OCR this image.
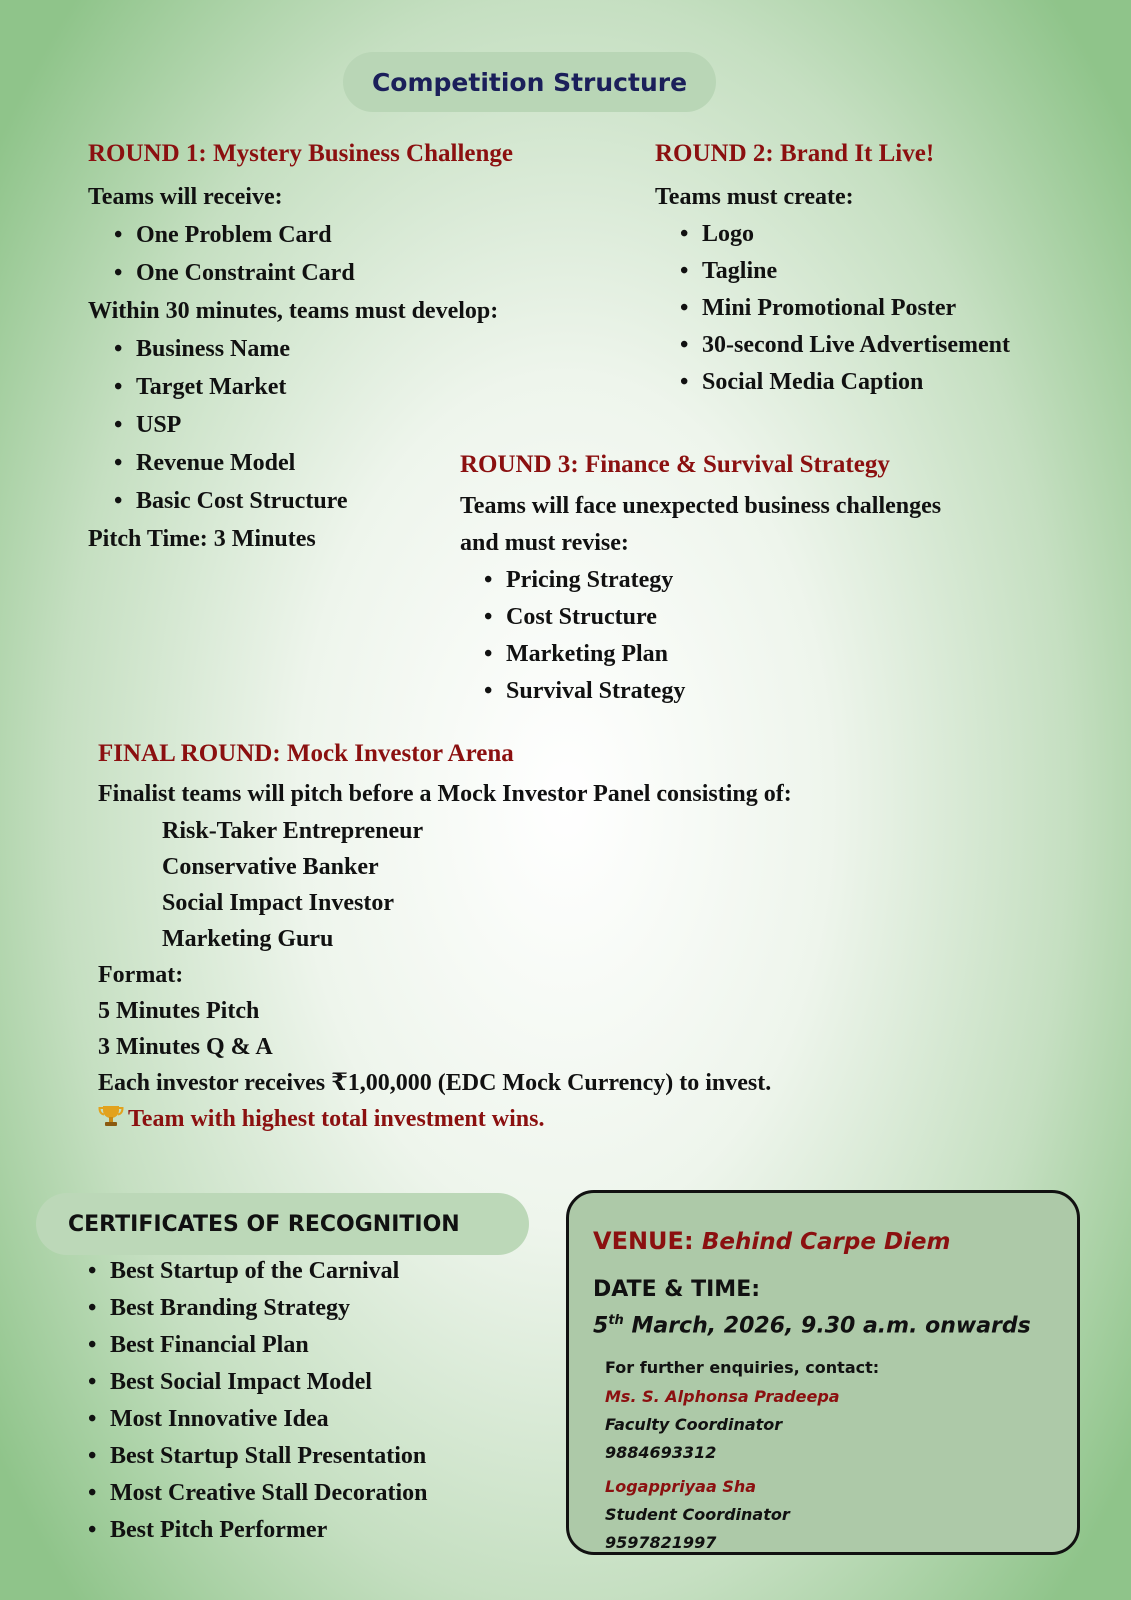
Competition Structure
ROUND 1: Mystery Business Challenge
Teams will receive:
• One Problem Card
• One Constraint Card
Within 30 minutes, teams must develop:
• Business Name
• Target Market
• USP
• Revenue Model
• Basic Cost Structure
Pitch Time: 3 Minutes
ROUND 2: Brand It Live!
Teams must create:
• Logo
• Tagline
• Mini Promotional Poster
• 30-second Live Advertisement
• Social Media Caption
ROUND 3: Finance & Survival Strategy
Teams will face unexpected business challenges
and must revise:
• Pricing Strategy
• Cost Structure
• Marketing Plan
• Survival Strategy
FINAL ROUND: Mock Investor Arena
Finalist teams will pitch before a Mock Investor Panel consisting of:
Risk-Taker Entrepreneur
Conservative Banker
Social Impact Investor
Marketing Guru
Format:
5 Minutes Pitch
3 Minutes Q & A
Each investor receives ₹1,00,000 (EDC Mock Currency) to invest.
Team with highest total investment wins.
CERTIFICATES OF RECOGNITION
• Best Startup of the Carnival
• Best Branding Strategy
• Best Financial Plan
• Best Social Impact Model
• Most Innovative Idea
• Best Startup Stall Presentation
• Most Creative Stall Decoration
• Best Pitch Performer
VENUE: Behind Carpe Diem
DATE & TIME:
5th March, 2026, 9.30 a.m. onwards
For further enquiries, contact:
Ms. S. Alphonsa Pradeepa
Faculty Coordinator
9884693312
Logappriyaa Sha
Student Coordinator
9597821997
